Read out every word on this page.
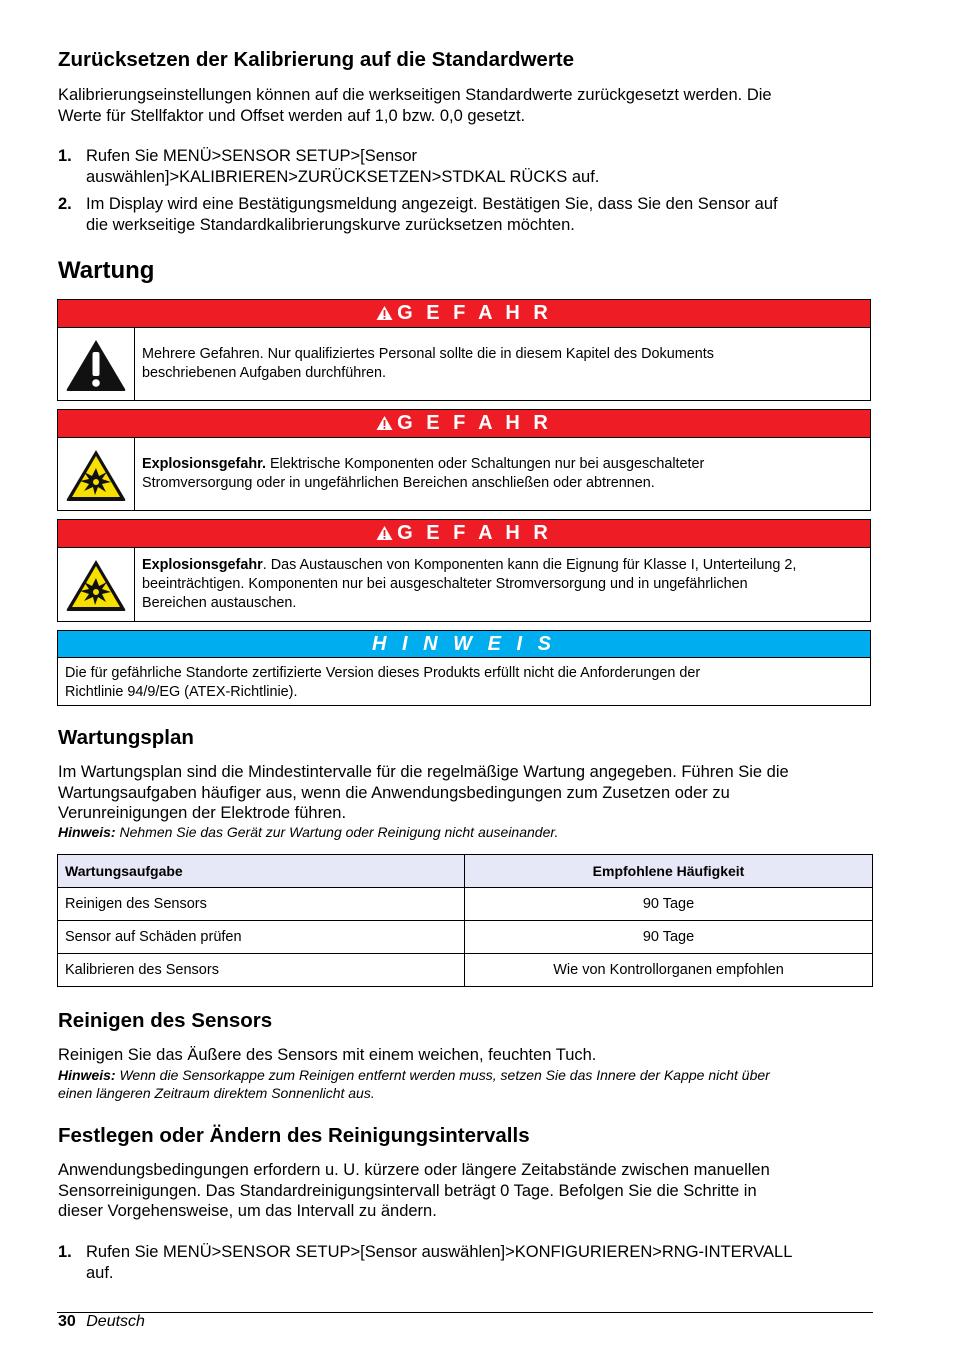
Zurücksetzen der Kalibrierung auf die Standardwerte
Kalibrierungseinstellungen können auf die werkseitigen Standardwerte zurückgesetzt werden. Die
Werte für Stellfaktor und Offset werden auf 1,0 bzw. 0,0 gesetzt.
1. Rufen Sie MENÜ>SENSOR SETUP>[Sensor
auswählen]>KALIBRIEREN>ZURÜCKSETZEN>STDKAL RÜCKS auf.
2. Im Display wird eine Bestätigungsmeldung angezeigt. Bestätigen Sie, dass Sie den Sensor auf
die werkseitige Standardkalibrierungskurve zurücksetzen möchten.
Wartung
G E F A H R
Mehrere Gefahren. Nur qualifiziertes Personal sollte die in diesem Kapitel des Dokuments
beschriebenen Aufgaben durchführen.
G E F A H R
Explosionsgefahr. Elektrische Komponenten oder Schaltungen nur bei ausgeschalteter
Stromversorgung oder in ungefährlichen Bereichen anschließen oder abtrennen.
G E F A H R
Explosionsgefahr. Das Austauschen von Komponenten kann die Eignung für Klasse I, Unterteilung 2,
beeinträchtigen. Komponenten nur bei ausgeschalteter Stromversorgung und in ungefährlichen
Bereichen austauschen.
H I N W E I S
Die für gefährliche Standorte zertifizierte Version dieses Produkts erfüllt nicht die Anforderungen der
Richtlinie 94/9/EG (ATEX-Richtlinie).
Wartungsplan
Im Wartungsplan sind die Mindestintervalle für die regelmäßige Wartung angegeben. Führen Sie die
Wartungsaufgaben häufiger aus, wenn die Anwendungsbedingungen zum Zusetzen oder zu
Verunreinigungen der Elektrode führen.
Hinweis: Nehmen Sie das Gerät zur Wartung oder Reinigung nicht auseinander.
Wartungsaufgabe	Empfohlene Häufigkeit
Reinigen des Sensors	90 Tage
Sensor auf Schäden prüfen	90 Tage
Kalibrieren des Sensors	Wie von Kontrollorganen empfohlen
Reinigen des Sensors
Reinigen Sie das Äußere des Sensors mit einem weichen, feuchten Tuch.
Hinweis: Wenn die Sensorkappe zum Reinigen entfernt werden muss, setzen Sie das Innere der Kappe nicht über
einen längeren Zeitraum direktem Sonnenlicht aus.
Festlegen oder Ändern des Reinigungsintervalls
Anwendungsbedingungen erfordern u. U. kürzere oder längere Zeitabstände zwischen manuellen
Sensorreinigungen. Das Standardreinigungsintervall beträgt 0 Tage. Befolgen Sie die Schritte in
dieser Vorgehensweise, um das Intervall zu ändern.
1. Rufen Sie MENÜ>SENSOR SETUP>[Sensor auswählen]>KONFIGURIEREN>RNG-INTERVALL
auf.
30 Deutsch
